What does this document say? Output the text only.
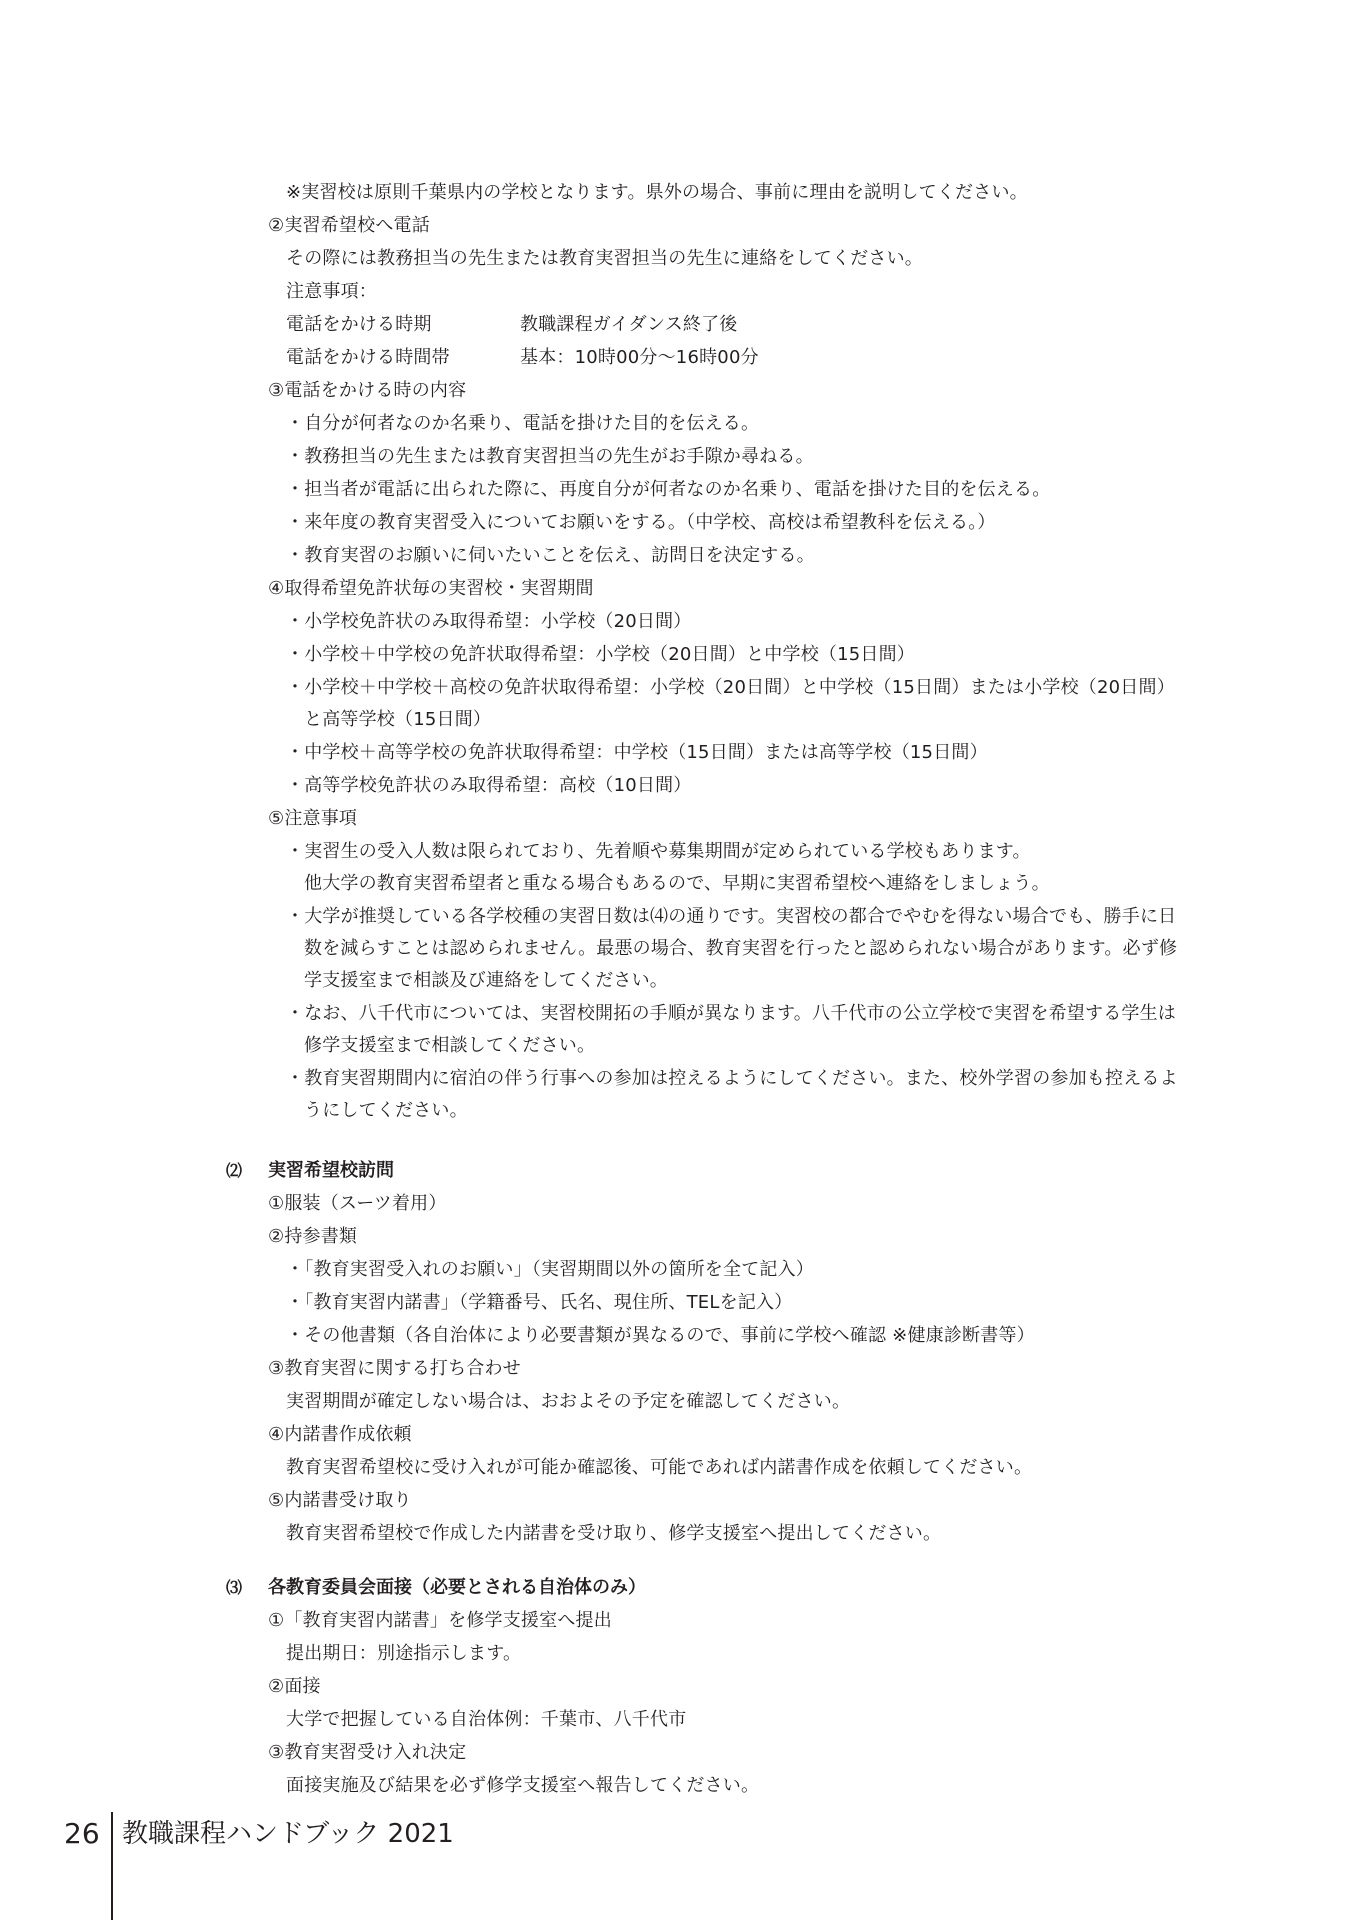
※実習校は原則千葉県内の学校となります。県外の場合、事前に理由を説明してください。
②実習希望校へ電話
その際には教務担当の先生または教育実習担当の先生に連絡をしてください。
注意事項：
電話をかける時期	教職課程ガイダンス終了後
電話をかける時間帯	基本：10時00分～16時00分
③電話をかける時の内容
・自分が何者なのか名乗り、電話を掛けた目的を伝える。
・教務担当の先生または教育実習担当の先生がお手隙か尋ねる。
・担当者が電話に出られた際に、再度自分が何者なのか名乗り、電話を掛けた目的を伝える。
・来年度の教育実習受入についてお願いをする。（中学校、高校は希望教科を伝える。）
・教育実習のお願いに伺いたいことを伝え、訪問日を決定する。
④取得希望免許状毎の実習校・実習期間
・小学校免許状のみ取得希望：小学校（20日間）
・小学校＋中学校の免許状取得希望：小学校（20日間）と中学校（15日間）
・小学校＋中学校＋高校の免許状取得希望：小学校（20日間）と中学校（15日間）または小学校（20日間）
と高等学校（15日間）
・中学校＋高等学校の免許状取得希望：中学校（15日間）または高等学校（15日間）
・高等学校免許状のみ取得希望：高校（10日間）
⑤注意事項
・実習生の受入人数は限られており、先着順や募集期間が定められている学校もあります。
他大学の教育実習希望者と重なる場合もあるので、早期に実習希望校へ連絡をしましょう。
・大学が推奨している各学校種の実習日数は⑷の通りです。実習校の都合でやむを得ない場合でも、勝手に日
数を減らすことは認められません。最悪の場合、教育実習を行ったと認められない場合があります。必ず修
学支援室まで相談及び連絡をしてください。
・なお、八千代市については、実習校開拓の手順が異なります。八千代市の公立学校で実習を希望する学生は
修学支援室まで相談してください。
・教育実習期間内に宿泊の伴う行事への参加は控えるようにしてください。また、校外学習の参加も控えるよ
うにしてください。
⑵ 実習希望校訪問
①服装（スーツ着用）
②持参書類
・「教育実習受入れのお願い」（実習期間以外の箇所を全て記入）
・「教育実習内諾書」（学籍番号、氏名、現住所、TELを記入）
・その他書類（各自治体により必要書類が異なるので、事前に学校へ確認 ※健康診断書等）
③教育実習に関する打ち合わせ
実習期間が確定しない場合は、おおよその予定を確認してください。
④内諾書作成依頼
教育実習希望校に受け入れが可能か確認後、可能であれば内諾書作成を依頼してください。
⑤内諾書受け取り
教育実習希望校で作成した内諾書を受け取り、修学支援室へ提出してください。
⑶ 各教育委員会面接（必要とされる自治体のみ）
①「教育実習内諾書」を修学支援室へ提出
提出期日：別途指示します。
②面接
大学で把握している自治体例：千葉市、八千代市
③教育実習受け入れ決定
面接実施及び結果を必ず修学支援室へ報告してください。
26 教職課程ハンドブック 2021
